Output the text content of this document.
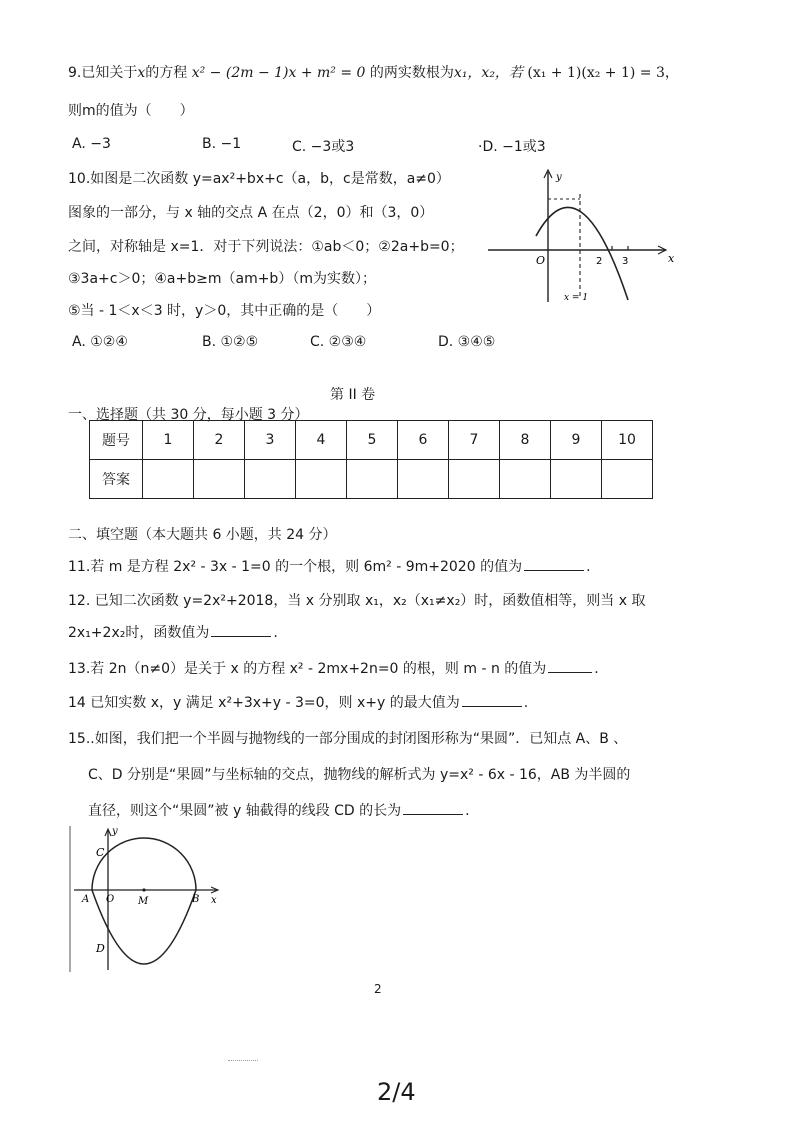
9.已知关于x的方程 x² − (2m − 1)x + m² = 0 的两实数根为x₁，x₂，若 (x₁ + 1)(x₂ + 1) = 3，
则m的值为（　　）
A. −3	B. −1	C. −3或3	·D. −1或3
10.如图是二次函数 y=ax²+bx+c（a，b，c是常数，a≠0）
图象的一部分，与 x 轴的交点 A 在点（2，0）和（3，0）
之间，对称轴是 x=1．对于下列说法：①ab＜0；②2a+b=0；
③3a+c＞0；④a+b≥m（am+b）（m为实数）；
⑤当 - 1＜x＜3 时，y＞0，其中正确的是（　　）
A. ①②④	B. ①②⑤	C. ②③④	D. ③④⑤
y
x
O	2 3
x = 1
第 II 卷
一、选择题（共 30 分，每小题 3 分）
题号	1	2	3	4	5	6	7	8	9	10
答案										
二、填空题（本大题共 6 小题，共 24 分）
11.若 m 是方程 2x² - 3x - 1=0 的一个根，则 6m² - 9m+2020 的值为	.
12. 已知二次函数 y=2x²+2018，当 x 分别取 x₁，x₂（x₁≠x₂）时，函数值相等，则当 x 取
2x₁+2x₂时，函数值为	.
13.若 2n（n≠0）是关于 x 的方程 x² - 2mx+2n=0 的根，则 m - n 的值为	.
14 已知实数 x，y 满足 x²+3x+y - 3=0，则 x+y 的最大值为	.
15..如图，我们把一个半圆与抛物线的一部分围成的封闭图形称为“果圆”．已知点 A、B 、
C、D 分别是“果圆”与坐标轴的交点，抛物线的解析式为 y=x² - 6x - 16，AB 为半圆的
直径，则这个“果圆”被 y 轴截得的线段 CD 的长为	.
y
x
C
A O M	B
D
2
2/4
